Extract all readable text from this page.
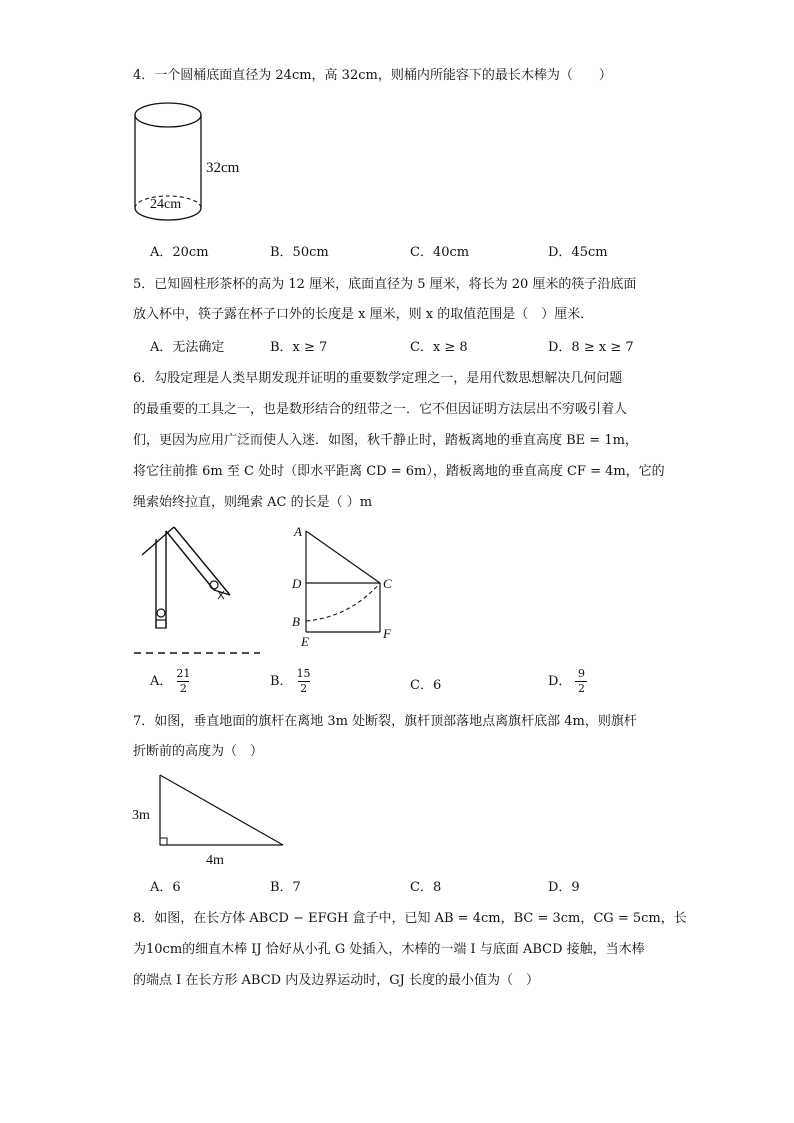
4．一个圆桶底面直径为 24cm，高 32cm，则桶内所能容下的最长木棒为（　　）
32cm
24cm
A．20cm	B．50cm	C．40cm	D．45cm
5．已知圆柱形茶杯的高为 12 厘米，底面直径为 5 厘米，将长为 20 厘米的筷子沿底面
放入杯中，筷子露在杯子口外的长度是 x 厘米，则 x 的取值范围是（　）厘米．
A．无法确定	B．x ≥ 7	C．x ≥ 8	D．8 ≥ x ≥ 7
6．勾股定理是人类早期发现并证明的重要数学定理之一，是用代数思想解决几何问题
的最重要的工具之一，也是数形结合的纽带之一．它不但因证明方法层出不穷吸引着人
们，更因为应用广泛而使人入迷．如图，秋千静止时，踏板离地的垂直高度 BE = 1m，
将它往前推 6m 至 C 处时（即水平距离 CD = 6m），踏板离地的垂直高度 CF = 4m，它的
绳索始终拉直，则绳索 AC 的长是（ ）m
A
D	C
B
E
F
A． $\frac{21}{2}$	B． $\frac{15}{2}$	C．6	D． $\frac{9}{2}$
7．如图，垂直地面的旗杆在离地 3m 处断裂，旗杆顶部落地点离旗杆底部 4m，则旗杆
折断前的高度为（　）
3m
4m
A．6	B．7	C．8	D．9
8．如图，在长方体 ABCD − EFGH 盒子中，已知 AB = 4cm，BC = 3cm，CG = 5cm，长
为10cm的细直木棒 IJ 恰好从小孔 G 处插入，木棒的一端 I 与底面 ABCD 接触，当木棒
的端点 I 在长方形 ABCD 内及边界运动时，GJ 长度的最小值为（　）
